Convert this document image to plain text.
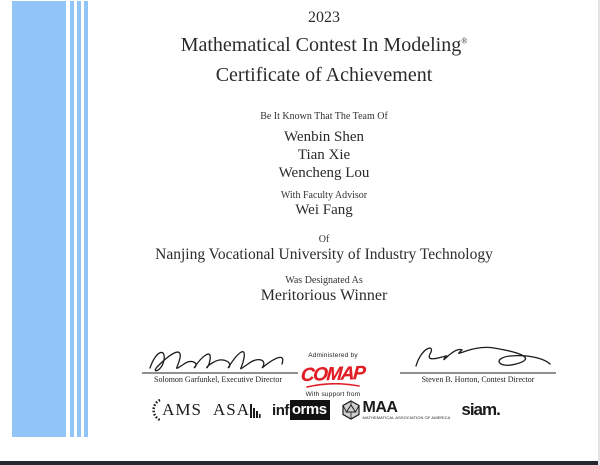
2023
Mathematical Contest In Modeling®
Certificate of Achievement
Be It Known That The Team Of
Wenbin Shen
Tian Xie
Wencheng Lou
With Faculty Advisor
Wei Fang
Of
Nanjing Vocational University of Industry Technology
Was Designated As
Meritorious Winner
Solomon Garfunkel, Executive Director
Administered by
COMAP
With support from
Steven B. Horton, Contest Director
AMS ASA inf orms MAA
MATHEMATICAL ASSOCIATION OF AMERICA siam.
